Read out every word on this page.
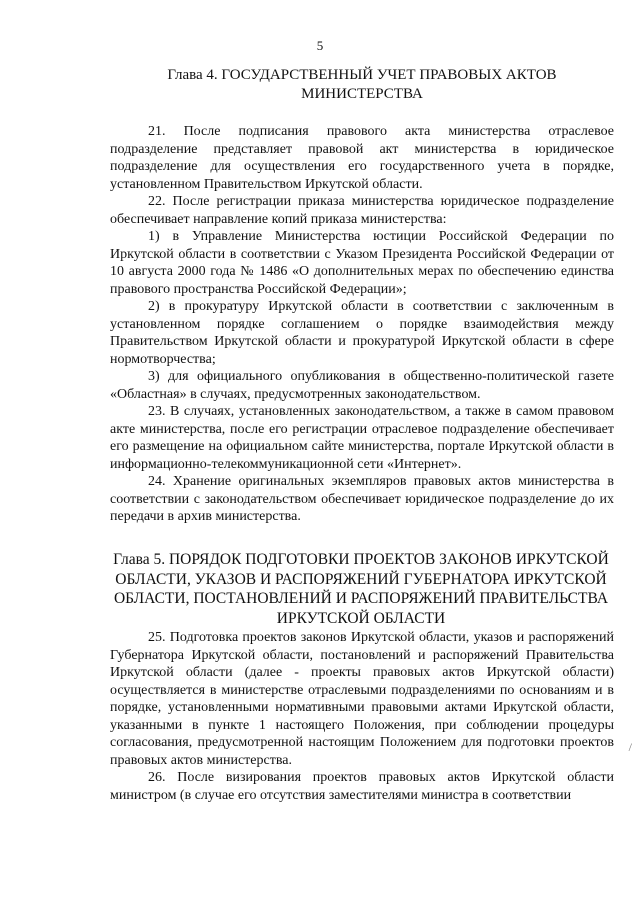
5

Глава 4. ГОСУДАРСТВЕННЫЙ УЧЕТ ПРАВОВЫХ АКТОВ

МИНИСТЕРСТВА

21. После подписания правового акта министерства отраслевое подразделение представляет правовой акт министерства в юридическое подразделение для осуществления его государственного учета в порядке, установленном Правительством Иркутской области.

22. После регистрации приказа министерства юридическое подразделение обеспечивает направление копий приказа министерства:

1) в Управление Министерства юстиции Российской Федерации по Иркутской области в соответствии с Указом Президента Российской Федерации от 10 августа 2000 года № 1486 «О дополнительных мерах по обеспечению единства правового пространства Российской Федерации»;

2) в прокуратуру Иркутской области в соответствии с заключенным в установленном порядке соглашением о порядке взаимодействия между Правительством Иркутской области и прокуратурой Иркутской области в сфере нормотворчества;

3) для официального опубликования в общественно-политической газете «Областная» в случаях, предусмотренных законодательством.

23. В случаях, установленных законодательством, а также в самом правовом акте министерства, после его регистрации отраслевое подразделение обеспечивает его размещение на официальном сайте министерства, портале Иркутской области в информационно-телекоммуникационной сети «Интернет».

24. Хранение оригинальных экземпляров правовых актов министерства в соответствии с законодательством обеспечивает юридическое подразделение до их передачи в архив министерства.

Глава 5. ПОРЯДОК ПОДГОТОВКИ ПРОЕКТОВ ЗАКОНОВ ИРКУТСКОЙ

ОБЛАСТИ, УКАЗОВ И РАСПОРЯЖЕНИЙ ГУБЕРНАТОРА ИРКУТСКОЙ

ОБЛАСТИ, ПОСТАНОВЛЕНИЙ И РАСПОРЯЖЕНИЙ ПРАВИТЕЛЬСТВА

ИРКУТСКОЙ ОБЛАСТИ

25. Подготовка проектов законов Иркутской области, указов и распоряжений Губернатора Иркутской области, постановлений и распоряжений Правительства Иркутской области (далее - проекты правовых актов Иркутской области) осуществляется в министерстве отраслевыми подразделениями по основаниям и в порядке, установленными нормативными правовыми актами Иркутской области, указанными в пункте 1 настоящего Положения, при соблюдении процедуры согласования, предусмотренной настоящим Положением для подготовки проектов правовых актов министерства.

26. После визирования проектов правовых актов Иркутской области министром (в случае его отсутствия заместителями министра в соответствии

/
